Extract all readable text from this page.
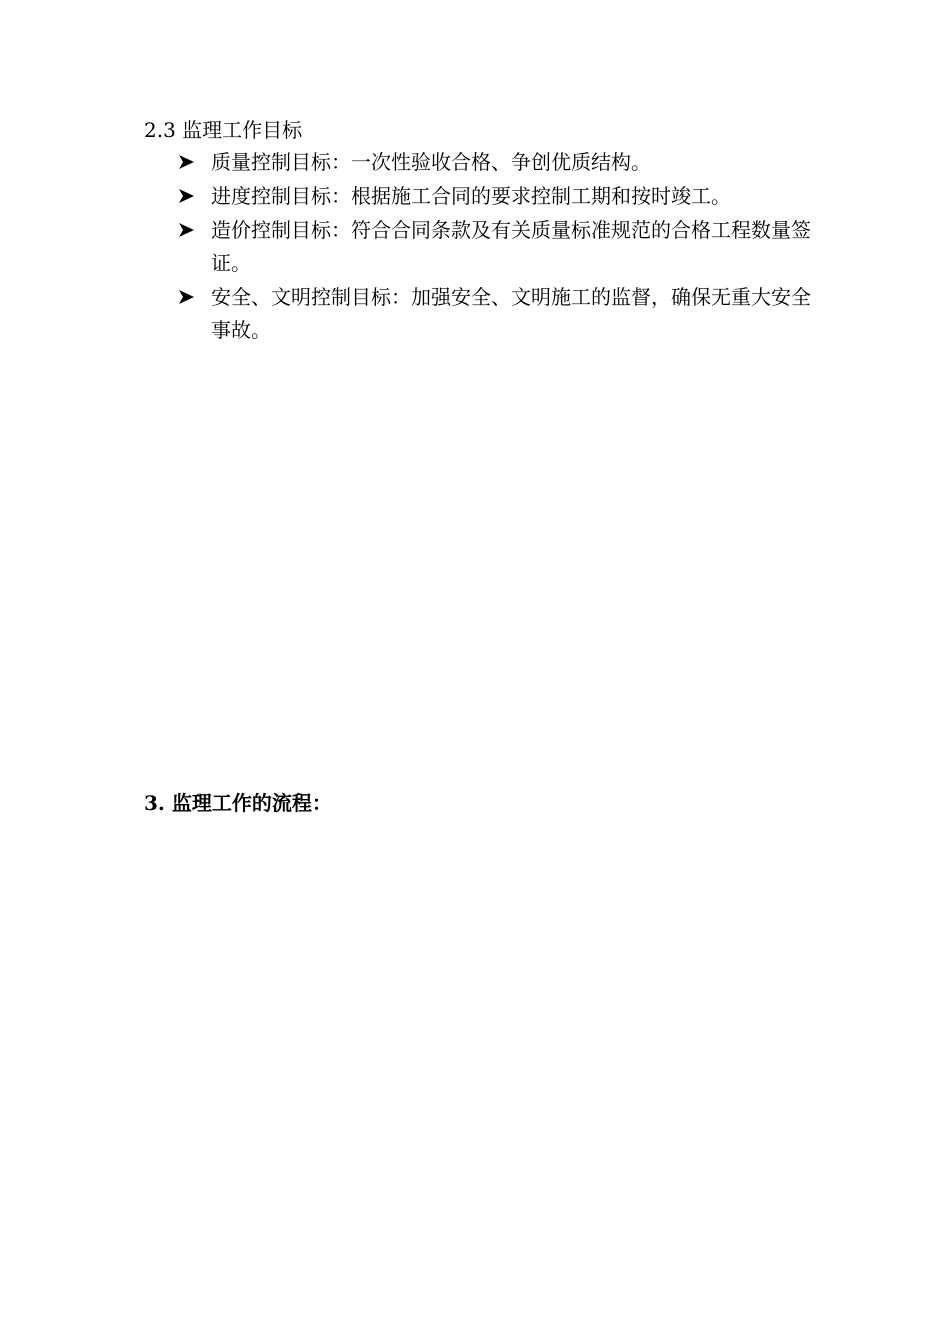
2.3 监理工作目标
质量控制目标：一次性验收合格、争创优质结构。
进度控制目标：根据施工合同的要求控制工期和按时竣工。
造价控制目标：符合合同条款及有关质量标准规范的合格工程数量签证。
安全、文明控制目标：加强安全、文明施工的监督，确保无重大安全事故。
3. 监理工作的流程：
